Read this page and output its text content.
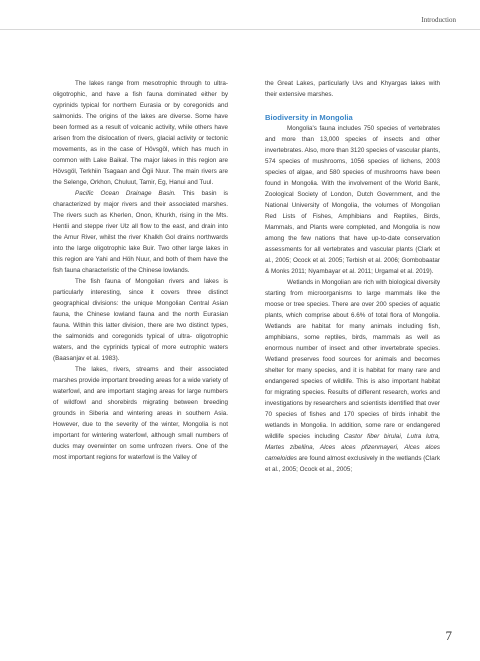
Introduction

The lakes range from mesotrophic through to ultra- oligotrophic, and have a fish fauna dominated either by cyprinids typical for northern Eurasia or by coregonids and salmonids. The origins of the lakes are diverse. Some have been formed as a result of volcanic activity, while others have arisen from the dislocation of rivers, glacial activity or tectonic movements, as in the case of Hövsgöl, which has much in common with Lake Baikal. The major lakes in this region are Hövsgöl, Terkhiin Tsagaan and Ögii Nuur. The main rivers are the Selenge, Orkhon, Chuluut, Tamir, Eg, Hanui and Tuul.

Pacific Ocean Drainage Basin. This basin is characterized by major rivers and their associated marshes. The rivers such as Kherlen, Onon, Khurkh, rising in the Mts. Hentii and steppe river Ulz all flow to the east, and drain into the Amur River, whilst the river Khalkh Gol drains northwards into the large oligotrophic lake Buir. Two other large lakes in this region are Yahi and Höh Nuur, and both of them have the fish fauna characteristic of the Chinese lowlands.

The fish fauna of Mongolian rivers and lakes is particularly interesting, since it covers three distinct geographical divisions: the unique Mongolian Central Asian fauna, the Chinese lowland fauna and the north Eurasian fauna. Within this latter division, there are two distinct types, the salmonids and coregonids typical of ultra- oligotrophic waters, and the cyprinids typical of more eutrophic waters (Baasanjav et al. 1983).

The lakes, rivers, streams and their associated marshes provide important breeding areas for a wide variety of waterfowl, and are important staging areas for large numbers of wildfowl and shorebirds migrating between breeding grounds in Siberia and wintering areas in southern Asia. However, due to the severity of the winter, Mongolia is not important for wintering waterfowl, although small numbers of ducks may overwinter on some unfrozen rivers. One of the most important regions for waterfowl is the Valley of

the Great Lakes, particularly Uvs and Khyargas lakes with their extensive marshes.

Biodiversity in Mongolia

Mongolia's fauna includes 750 species of vertebrates and more than 13,000 species of insects and other invertebrates. Also, more than 3120 species of vascular plants, 574 species of mushrooms, 1056 species of lichens, 2003 species of algae, and 580 species of mushrooms have been found in Mongolia. With the involvement of the World Bank, Zoological Society of London, Dutch Government, and the National University of Mongolia, the volumes of Mongolian Red Lists of Fishes, Amphibians and Reptiles, Birds, Mammals, and Plants were completed, and Mongolia is now among the few nations that have up-to-date conservation assessments for all vertebrates and vascular plants (Clark et al., 2005; Ocock et al. 2005; Terbish et al. 2006; Gombobaatar & Monks 2011; Nyambayar et al. 2011; Urgamal et al. 2019).

Wetlands in Mongolian are rich with biological diversity starting from microorganisms to large mammals like the moose or tree species. There are over 200 species of aquatic plants, which comprise about 6.6% of total flora of Mongolia. Wetlands are habitat for many animals including fish, amphibians, some reptiles, birds, mammals as well as enormous number of insect and other invertebrate species. Wetland preserves food sources for animals and becomes shelter for many species, and it is habitat for many rare and endangered species of wildlife. This is also important habitat for migrating species. Results of different research, works and investigations by researchers and scientists identified that over 70 species of fishes and 170 species of birds inhabit the wetlands in Mongolia. In addition, some rare or endangered wildlife species including Castor fiber birulai, Lutra lutra, Martes zibellina, Alces alces pfizenmayeri, Alces alces cameloides are found almost exclusively in the wetlands (Clark et al., 2005; Ocock et al., 2005;

7
